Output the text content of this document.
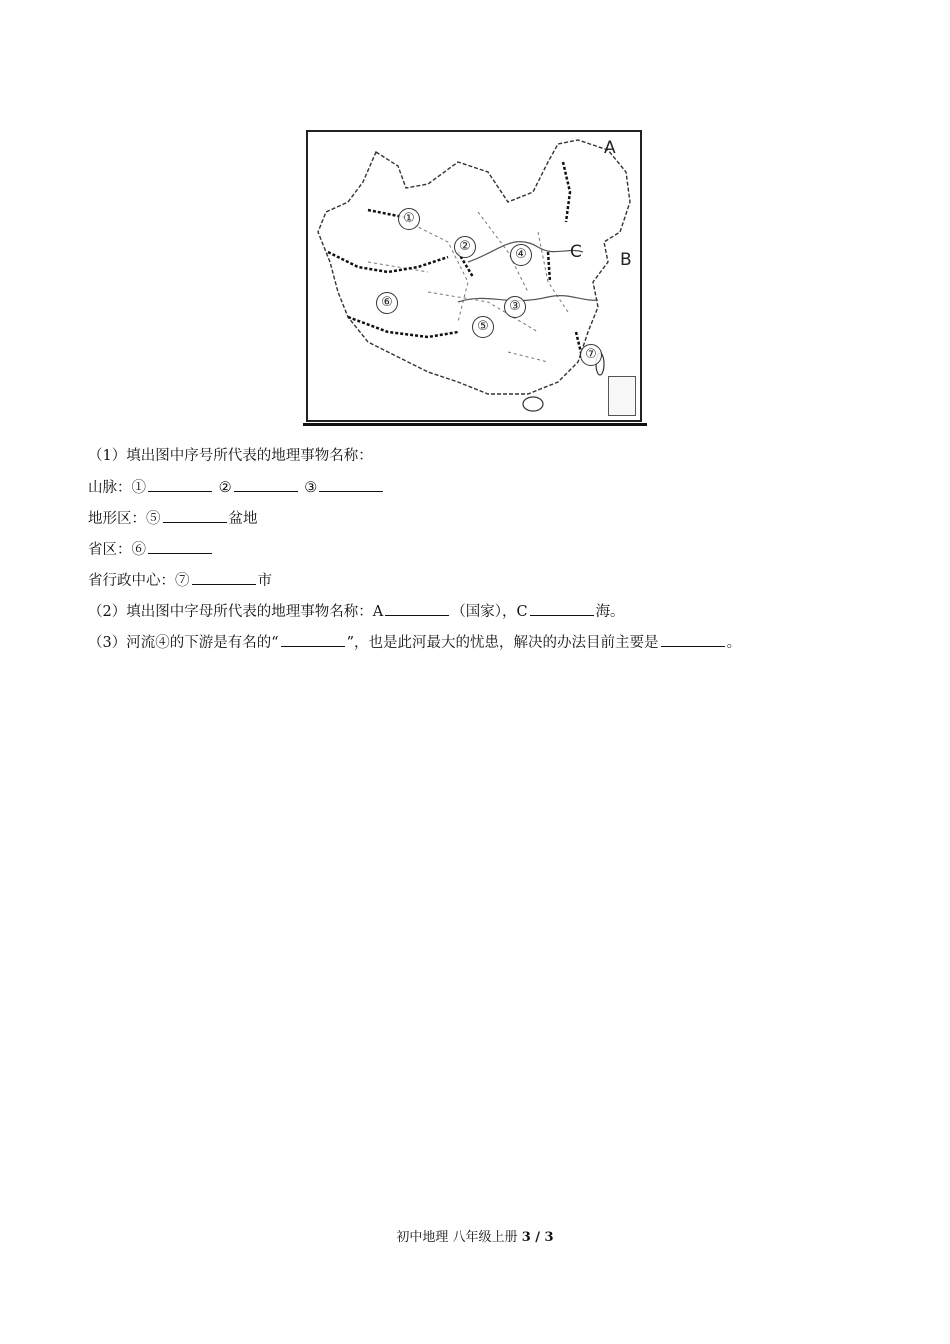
A
B
C
①
②
③
④
⑤
⑥
⑦
（1）填出图中序号所代表的地理事物名称：
山脉：①	②	③
地形区：⑤	盆地
省区：⑥
省行政中心：⑦	市
（2）填出图中字母所代表的地理事物名称：A	（国家），C	海。
（3）河流④的下游是有名的“	”，也是此河最大的忧患，解决的办法目前主要是	。
初中地理 八年级上册 3 / 3
